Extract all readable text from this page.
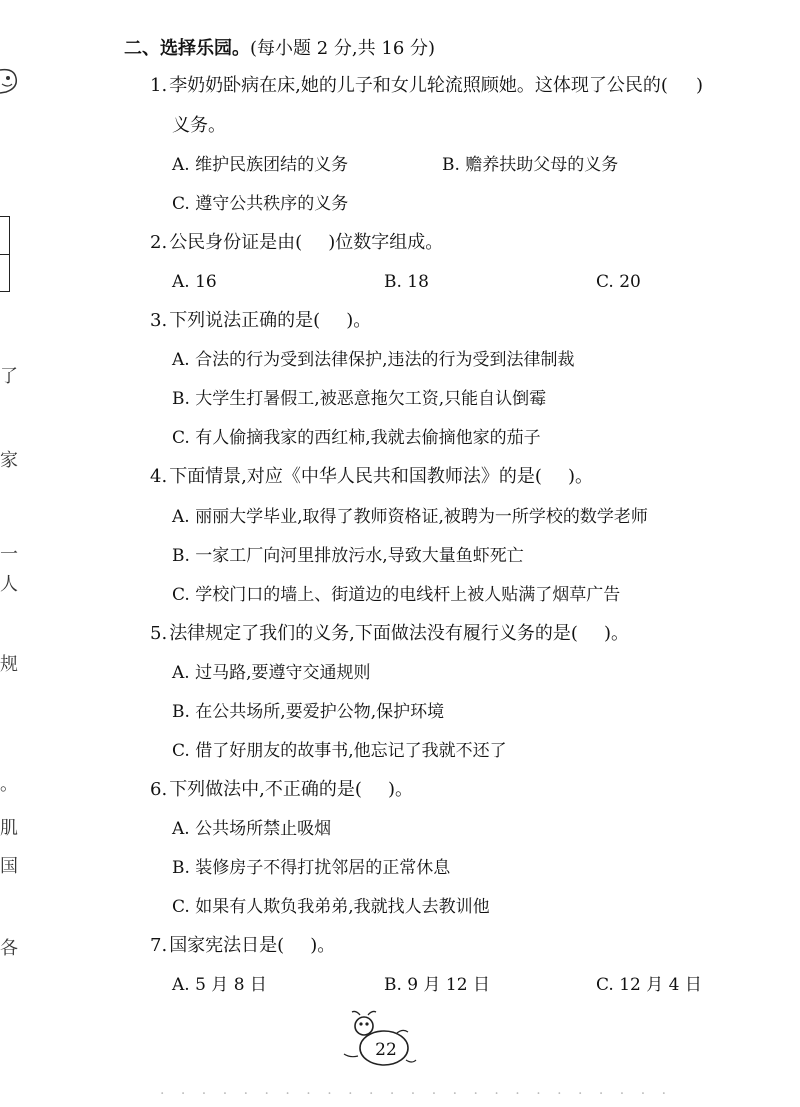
了
家
一
人
规
。
肌
国
各
二、选择乐园。(每小题 2 分,共 16 分)
1. 李奶奶卧病在床,她的儿子和女儿轮流照顾她。这体现了公民的( )
义务。
A. 维护民族团结的义务	B. 赡养扶助父母的义务
C. 遵守公共秩序的义务
2. 公民身份证是由( )位数字组成。
A. 16	B. 18	C. 20
3. 下列说法正确的是( )。
A. 合法的行为受到法律保护,违法的行为受到法律制裁
B. 大学生打暑假工,被恶意拖欠工资,只能自认倒霉
C. 有人偷摘我家的西红柿,我就去偷摘他家的茄子
4. 下面情景,对应《中华人民共和国教师法》的是( )。
A. 丽丽大学毕业,取得了教师资格证,被聘为一所学校的数学老师
B. 一家工厂向河里排放污水,导致大量鱼虾死亡
C. 学校门口的墙上、街道边的电线杆上被人贴满了烟草广告
5. 法律规定了我们的义务,下面做法没有履行义务的是( )。
A. 过马路,要遵守交通规则
B. 在公共场所,要爱护公物,保护环境
C. 借了好朋友的故事书,他忘记了我就不还了
6. 下列做法中,不正确的是( )。
A. 公共场所禁止吸烟
B. 装修房子不得打扰邻居的正常休息
C. 如果有人欺负我弟弟,我就找人去教训他
7. 国家宪法日是( )。
A. 5 月 8 日	B. 9 月 12 日	C. 12 月 4 日
22
· · · · · · · · · · · · · · · · · · · · · · · · ·
